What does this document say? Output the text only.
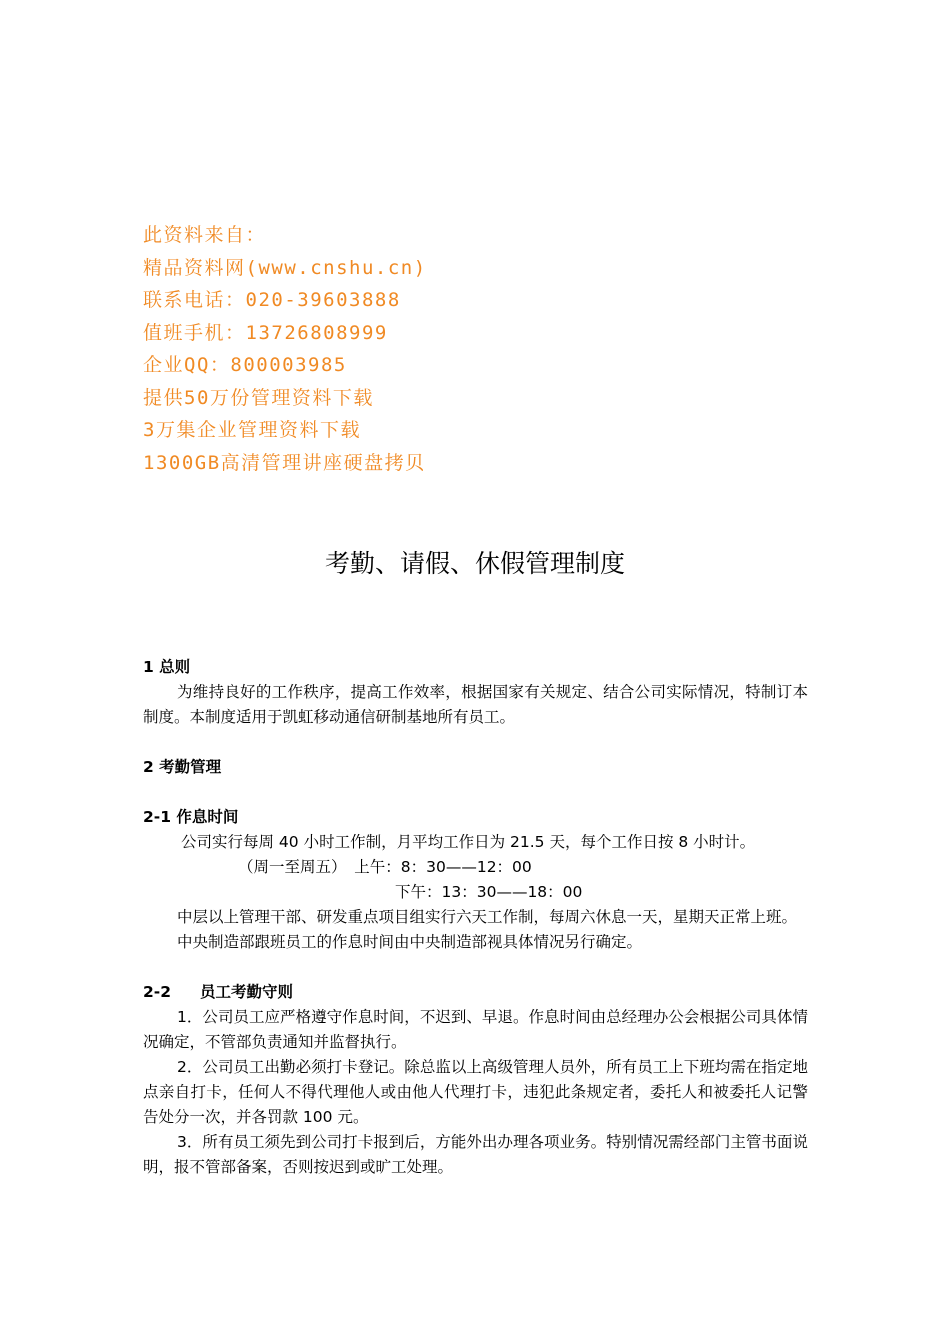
此资料来自：
精品资料网(www.cnshu.cn)
联系电话：020-39603888
值班手机：13726808999
企业QQ：800003985
提供50万份管理资料下载
3万集企业管理资料下载
1300GB高清管理讲座硬盘拷贝
考勤、请假、休假管理制度

1 总则

为维持良好的工作秩序，提高工作效率，根据国家有关规定、结合公司实际情况，特制订本制度。本制度适用于凯虹移动通信研制基地所有员工。

2 考勤管理

2-1 作息时间

公司实行每周 40 小时工作制，月平均工作日为 21.5 天，每个工作日按 8 小时计。

（周一至周五）　上午：8：30——12：00

下午：13：30——18：00

中层以上管理干部、研发重点项目组实行六天工作制，每周六休息一天，星期天正常上班。

中央制造部跟班员工的作息时间由中央制造部视具体情况另行确定。

2-2 员工考勤守则

1．公司员工应严格遵守作息时间，不迟到、早退。作息时间由总经理办公会根据公司具体情况确定，不管部负责通知并监督执行。

2．公司员工出勤必须打卡登记。除总监以上高级管理人员外，所有员工上下班均需在指定地点亲自打卡，任何人不得代理他人或由他人代理打卡，违犯此条规定者，委托人和被委托人记警告处分一次，并各罚款 100 元。

3．所有员工须先到公司打卡报到后，方能外出办理各项业务。特别情况需经部门主管书面说明，报不管部备案，否则按迟到或旷工处理。
